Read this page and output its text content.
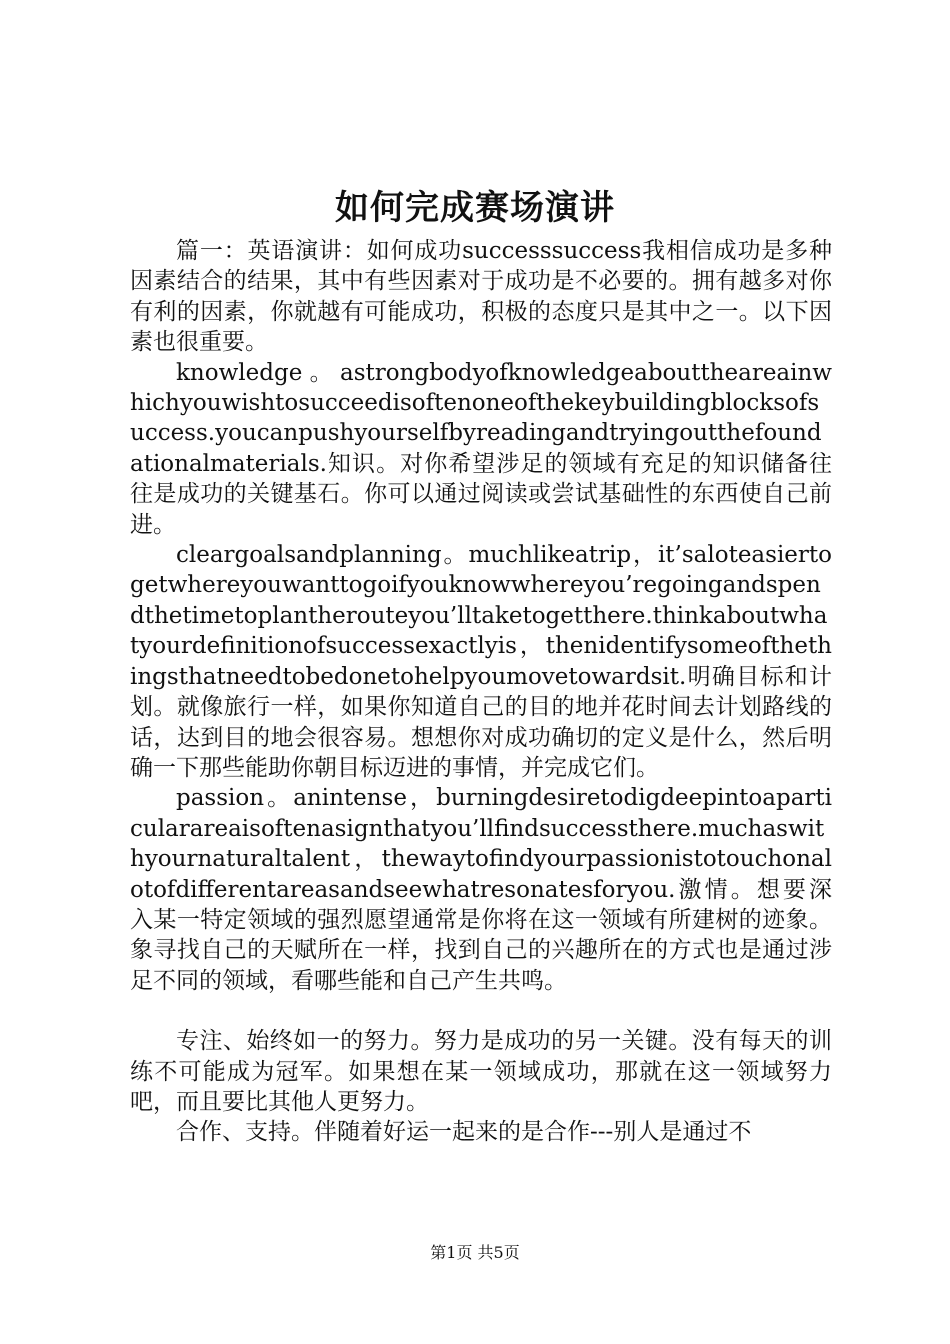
如何完成赛场演讲

篇一：英语演讲：如何成功successsuccess我相信成功是多种因素结合的结果，其中有些因素对于成功是不必要的。拥有越多对你有利的因素，你就越有可能成功，积极的态度只是其中之一。以下因素也很重要。

knowledge。astrongbodyofknowledgeabouttheareainwhichyouwishtosucceedisoftenoneofthekeybuildingblocksofsuccess.youcanpushyourselfbyreadingandtryingoutthefoundationalmaterials.知识。对你希望涉足的领域有充足的知识储备往往是成功的关键基石。你可以通过阅读或尝试基础性的东西使自己前进。

cleargoalsandplanning。muchlikeatrip，it’saloteasiertogetwhereyouwanttogoifyouknowwhereyou’regoingandspendthetimetoplantherouteyou’lltaketogetthere.thinkaboutwhatyourdefinitionofsuccessexactlyis，thenidentifysomeofthethingsthatneedtobedonetohelpyoumovetowardsit.明确目标和计划。就像旅行一样，如果你知道自己的目的地并花时间去计划路线的话，达到目的地会很容易。想想你对成功确切的定义是什么，然后明确一下那些能助你朝目标迈进的事情，并完成它们。

passion。anintense，burningdesiretodigdeepintoaparticularareaisoftenasignthatyou’llfindsuccessthere.muchaswithyournaturaltalent，thewaytofindyourpassionistotouchonalotofdifferentareasandseewhatresonatesforyou.激情。想要深入某一特定领域的强烈愿望通常是你将在这一领域有所建树的迹象。象寻找自己的天赋所在一样，找到自己的兴趣所在的方式也是通过涉足不同的领域，看哪些能和自己产生共鸣。

专注、始终如一的努力。努力是成功的另一关键。没有每天的训练不可能成为冠军。如果想在某一领域成功，那就在这一领域努力吧，而且要比其他人更努力。

合作、支持。伴随着好运一起来的是合作---别人是通过不

第1页 共5页
